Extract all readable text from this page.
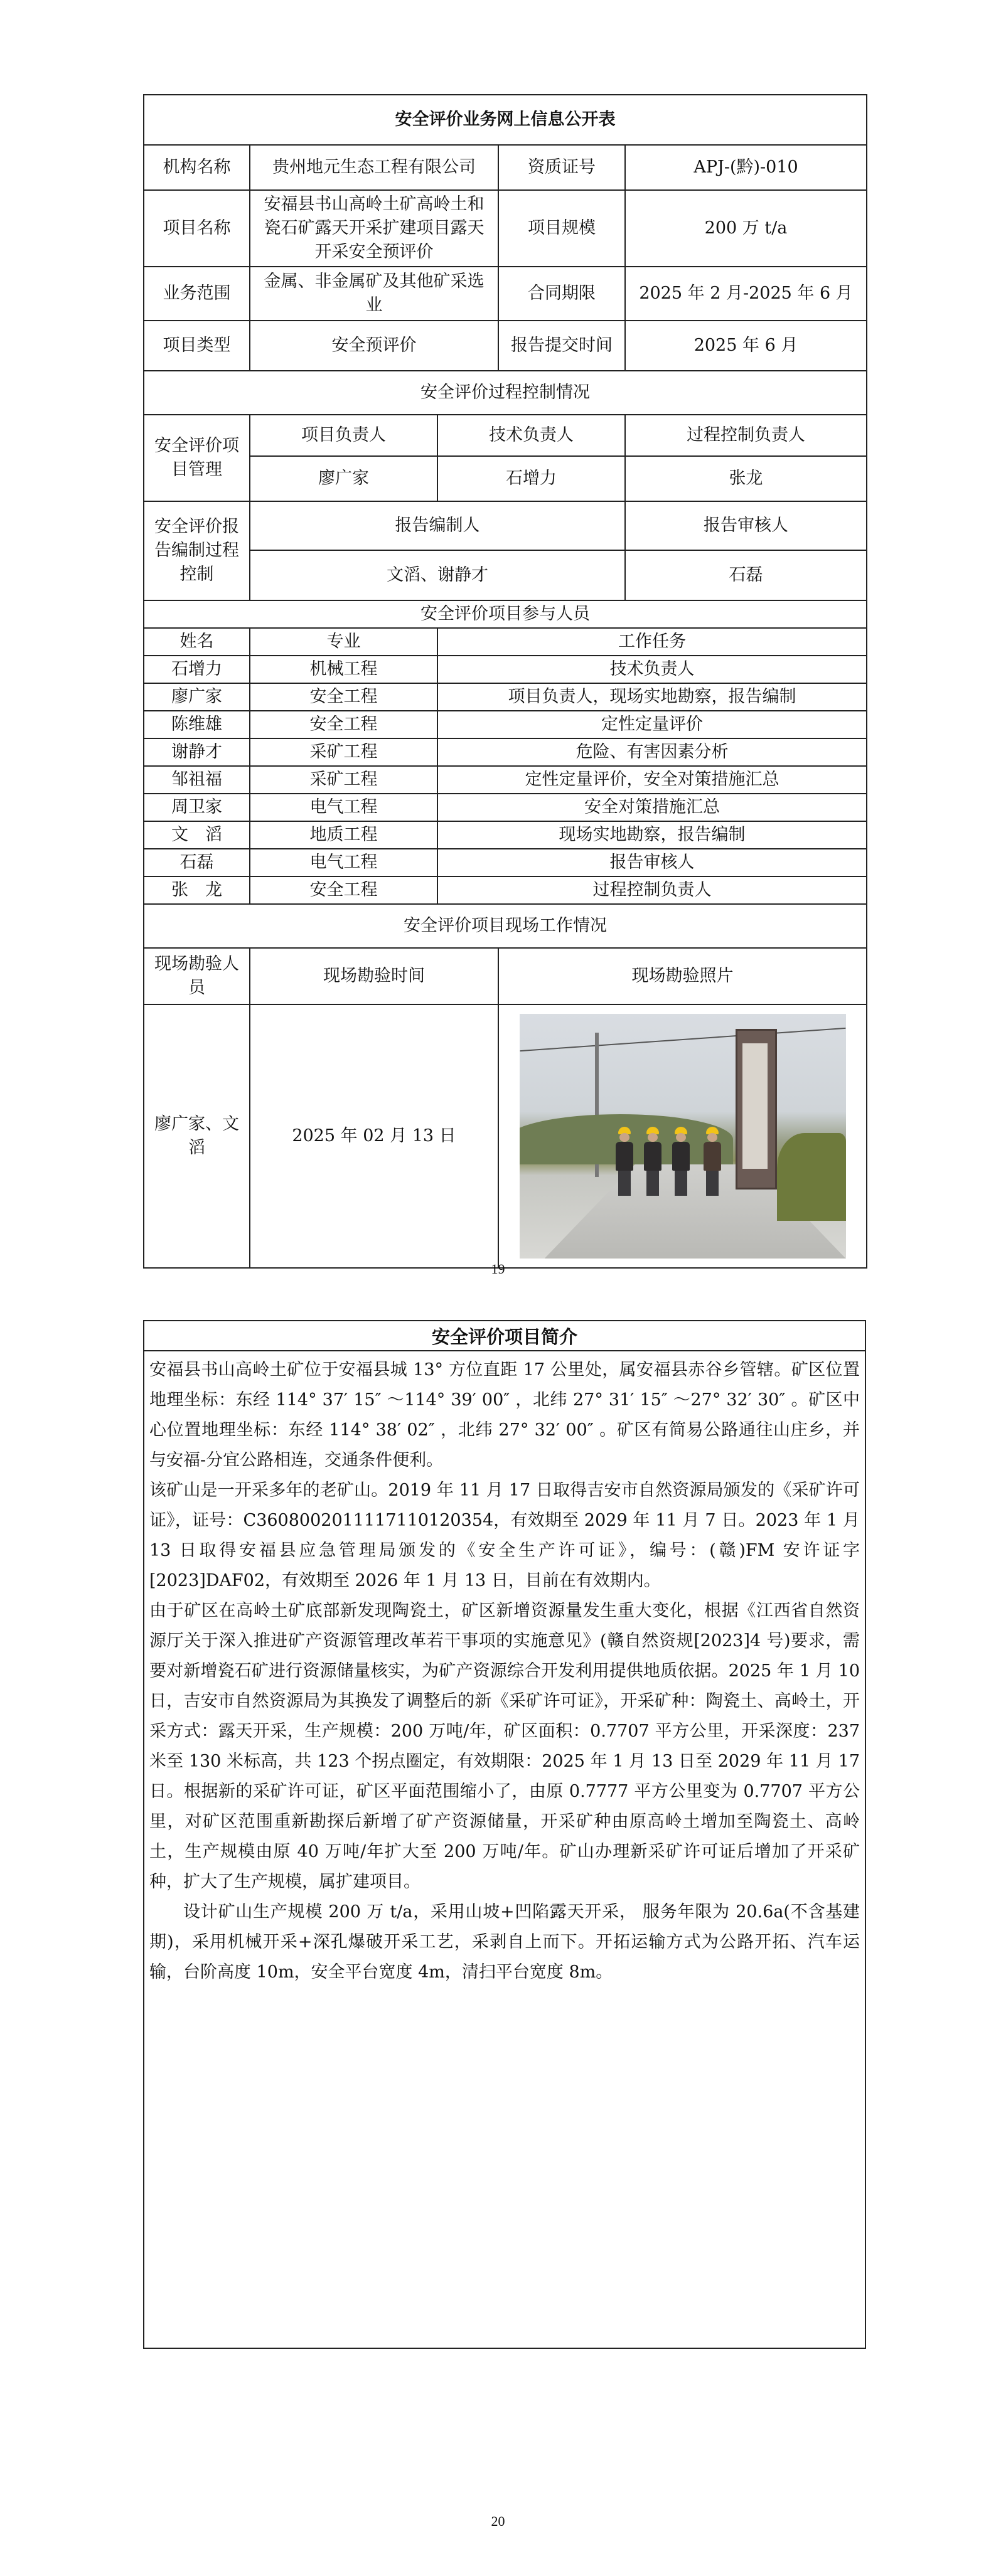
安全评价业务网上信息公开表				
机构名称	贵州地元生态工程有限公司		资质证号	APJ-(黔)-010
项目名称	安福县书山高岭土矿高岭土和瓷石矿露天开采扩建项目露天开采安全预评价		项目规模	200 万 t/a
业务范围	金属、非金属矿及其他矿采选业		合同期限	2025 年 2 月-2025 年 6 月
项目类型	安全预评价		报告提交时间	2025 年 6 月
安全评价过程控制情况				
安全评价项目管理	项目负责人	技术负责人		过程控制负责人
	廖广家	石增力		张龙
安全评价报告编制过程控制	报告编制人			报告审核人
	文滔、谢静才			石磊
安全评价项目参与人员				
姓名	专业	工作任务		
石增力	机械工程	技术负责人		
廖广家	安全工程	项目负责人，现场实地勘察，报告编制		
陈维雄	安全工程	定性定量评价		
谢静才	采矿工程	危险、有害因素分析		
邹祖福	采矿工程	定性定量评价，安全对策措施汇总		
周卫家	电气工程	安全对策措施汇总		
文　滔	地质工程	现场实地勘察，报告编制		
石磊	电气工程	报告审核人		
张　龙	安全工程	过程控制负责人		
安全评价项目现场工作情况				
现场勘验人员	现场勘验时间		现场勘验照片	
廖广家、文滔	2025 年 02 月 13 日			
19
安全评价项目简介

安福县书山高岭土矿位于安福县城 13° 方位直距 17 公里处，属安福县赤谷乡管辖。矿区位置地理坐标：东经 114° 37′ 15″ ～114° 39′ 00″ ，北纬 27° 31′ 15″ ～27° 32′ 30″ 。矿区中心位置地理坐标：东经 114° 38′ 02″ ，北纬 27° 32′ 00″ 。矿区有简易公路通往山庄乡，并与安福-分宜公路相连，交通条件便利。

该矿山是一开采多年的老矿山。2019 年 11 月 17 日取得吉安市自然资源局颁发的《采矿许可证》，证号：C3608002011117110120354，有效期至 2029 年 11 月 7 日。2023 年 1 月 13 日取得安福县应急管理局颁发的《安全生产许可证》，编号：(赣)FM 安许证字[2023]DAF02，有效期至 2026 年 1 月 13 日，目前在有效期内。

由于矿区在高岭土矿底部新发现陶瓷土，矿区新增资源量发生重大变化，根据《江西省自然资源厅关于深入推进矿产资源管理改革若干事项的实施意见》(赣自然资规[2023]4 号)要求，需要对新增瓷石矿进行资源储量核实，为矿产资源综合开发利用提供地质依据。2025 年 1 月 10 日，吉安市自然资源局为其换发了调整后的新《采矿许可证》，开采矿种：陶瓷土、高岭土，开采方式：露天开采，生产规模：200 万吨/年，矿区面积：0.7707 平方公里，开采深度：237 米至 130 米标高，共 123 个拐点圈定，有效期限：2025 年 1 月 13 日至 2029 年 11 月 17 日。根据新的采矿许可证，矿区平面范围缩小了，由原 0.7777 平方公里变为 0.7707 平方公里，对矿区范围重新勘探后新增了矿产资源储量，开采矿种由原高岭土增加至陶瓷土、高岭土，生产规模由原 40 万吨/年扩大至 200 万吨/年。矿山办理新采矿许可证后增加了开采矿种，扩大了生产规模，属扩建项目。

设计矿山生产规模 200 万 t/a，采用山坡+凹陷露天开采， 服务年限为 20.6a(不含基建期)，采用机械开采+深孔爆破开采工艺，采剥自上而下。开拓运输方式为公路开拓、汽车运输，台阶高度 10m，安全平台宽度 4m，清扫平台宽度 8m。

20
